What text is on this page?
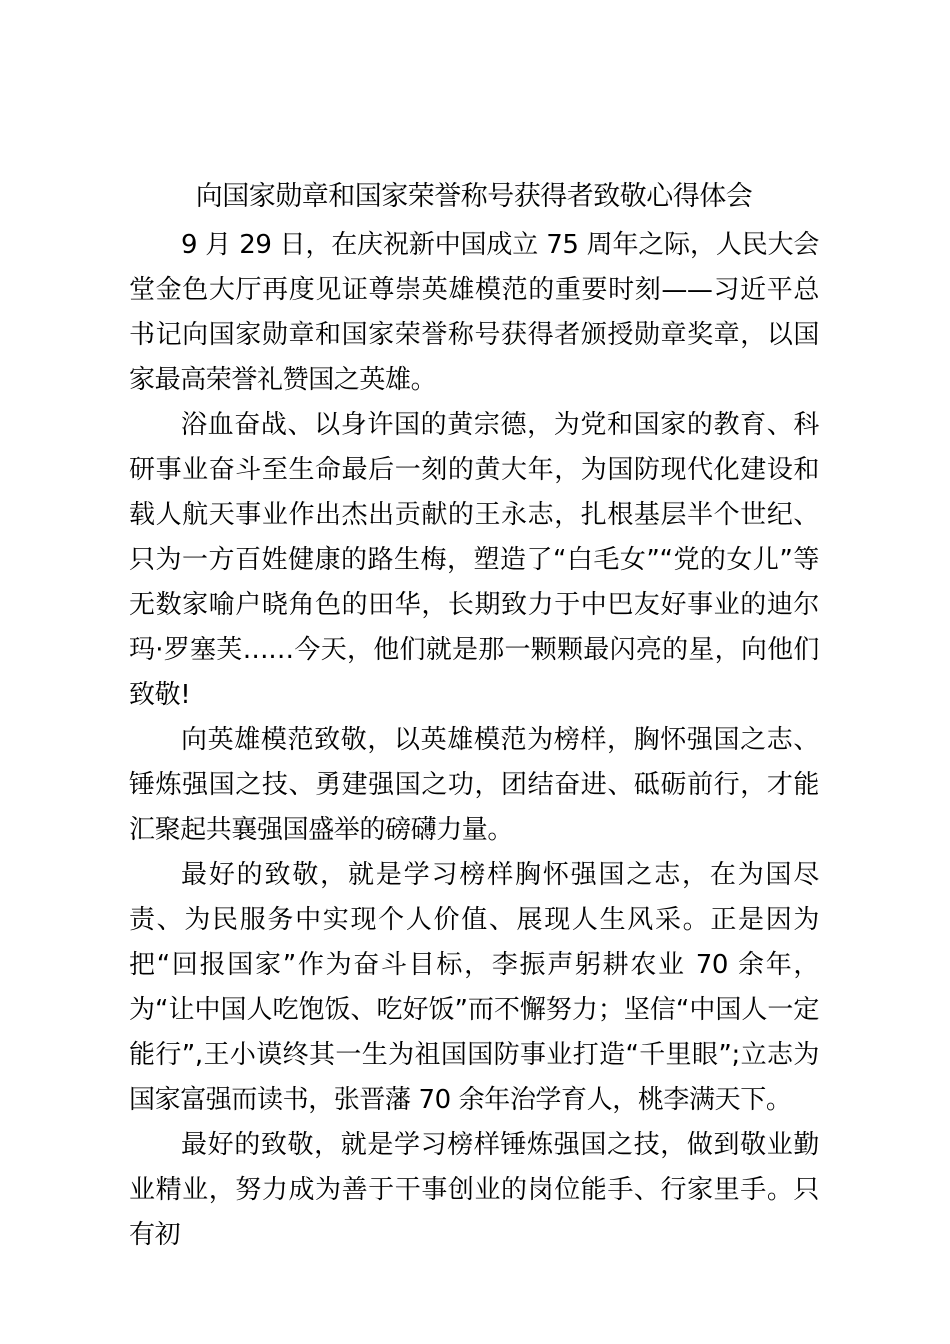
向国家勋章和国家荣誉称号获得者致敬心得体会

9 月 29 日，在庆祝新中国成立 75 周年之际，人民大会堂金色大厅再度见证尊崇英雄模范的重要时刻——习近平总书记向国家勋章和国家荣誉称号获得者颁授勋章奖章，以国家最高荣誉礼赞国之英雄。

浴血奋战、以身许国的黄宗德，为党和国家的教育、科研事业奋斗至生命最后一刻的黄大年，为国防现代化建设和载人航天事业作出杰出贡献的王永志，扎根基层半个世纪、只为一方百姓健康的路生梅，塑造了“白毛女”“党的女儿”等无数家喻户晓角色的田华，长期致力于中巴友好事业的迪尔玛·罗塞芙……今天，他们就是那一颗颗最闪亮的星，向他们致敬!

向英雄模范致敬，以英雄模范为榜样，胸怀强国之志、锤炼强国之技、勇建强国之功，团结奋进、砥砺前行，才能汇聚起共襄强国盛举的磅礴力量。

最好的致敬，就是学习榜样胸怀强国之志，在为国尽责、为民服务中实现个人价值、展现人生风采。正是因为把“回报国家”作为奋斗目标，李振声躬耕农业 70 余年，为“让中国人吃饱饭、吃好饭”而不懈努力；坚信“中国人一定能行”,王小谟终其一生为祖国国防事业打造“千里眼”;立志为国家富强而读书，张晋藩 70 余年治学育人，桃李满天下。

最好的致敬，就是学习榜样锤炼强国之技，做到敬业勤业精业，努力成为善于干事创业的岗位能手、行家里手。只有初
